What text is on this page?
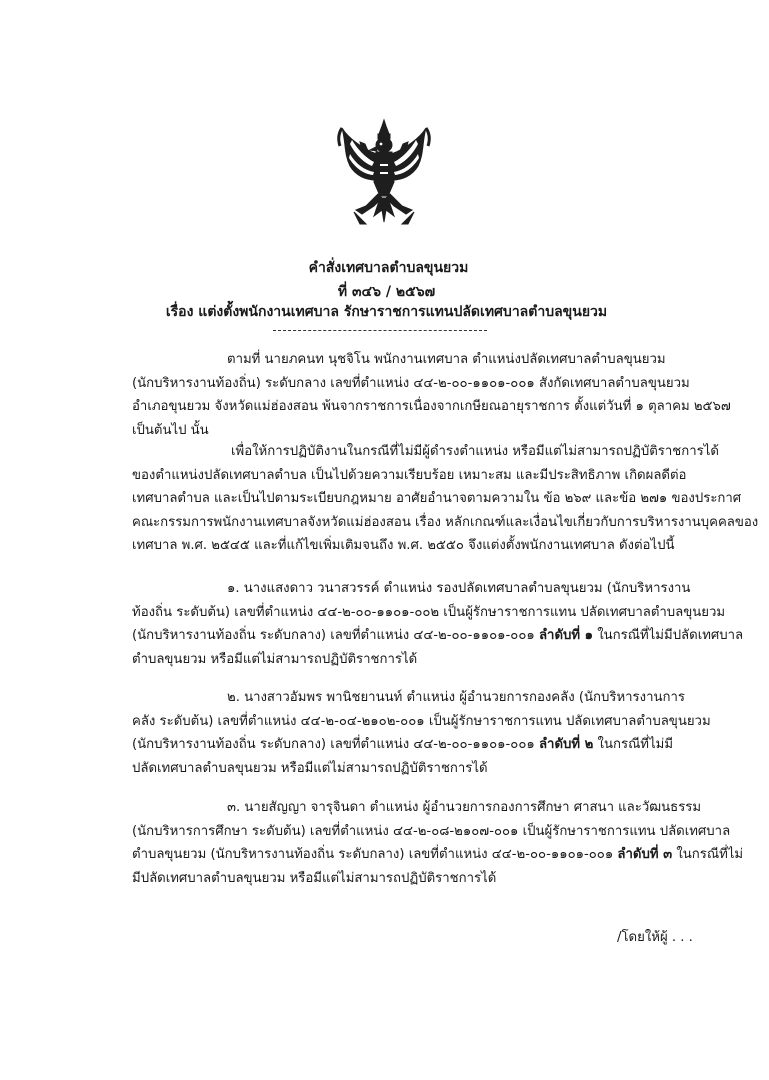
คำสั่งเทศบาลตำบลขุนยวม
ที่ ๓๔๖ / ๒๕๖๗
เรื่อง แต่งตั้งพนักงานเทศบาล รักษาราชการแทนปลัดเทศบาลตำบลขุนยวม
ตามที่ นายภคนท นุชจิโน พนักงานเทศบาล ตำแหน่งปลัดเทศบาลตำบลขุนยวม
(นักบริหารงานท้องถิ่น) ระดับกลาง เลขที่ตำแหน่ง ๔๔-๒-๐๐-๑๑๐๑-๐๐๑ สังกัดเทศบาลตำบลขุนยวม
อำเภอขุนยวม จังหวัดแม่ฮ่องสอน พ้นจากราชการเนื่องจากเกษียณอายุราชการ ตั้งแต่วันที่ ๑ ตุลาคม ๒๕๖๗
เป็นต้นไป นั้น
เพื่อให้การปฏิบัติงานในกรณีที่ไม่มีผู้ดำรงตำแหน่ง หรือมีแต่ไม่สามารถปฏิบัติราชการได้
ของตำแหน่งปลัดเทศบาลตำบล เป็นไปด้วยความเรียบร้อย เหมาะสม และมีประสิทธิภาพ เกิดผลดีต่อ
เทศบาลตำบล และเป็นไปตามระเบียบกฎหมาย อาศัยอำนาจตามความใน ข้อ ๒๖๙ และข้อ ๒๗๑ ของประกาศ
คณะกรรมการพนักงานเทศบาลจังหวัดแม่ฮ่องสอน เรื่อง หลักเกณฑ์และเงื่อนไขเกี่ยวกับการบริหารงานบุคคลของ
เทศบาล พ.ศ. ๒๕๔๕ และที่แก้ไขเพิ่มเติมจนถึง พ.ศ. ๒๕๕๐ จึงแต่งตั้งพนักงานเทศบาล ดังต่อไปนี้
๑. นางแสงดาว วนาสวรรค์ ตำแหน่ง รองปลัดเทศบาลตำบลขุนยวม (นักบริหารงาน
ท้องถิ่น ระดับต้น) เลขที่ตำแหน่ง ๔๔-๒-๐๐-๑๑๐๑-๐๐๒ เป็นผู้รักษาราชการแทน ปลัดเทศบาลตำบลขุนยวม
(นักบริหารงานท้องถิ่น ระดับกลาง) เลขที่ตำแหน่ง ๔๔-๒-๐๐-๑๑๐๑-๐๐๑ ลำดับที่ ๑ ในกรณีที่ไม่มีปลัดเทศบาล
ตำบลขุนยวม หรือมีแต่ไม่สามารถปฏิบัติราชการได้
๒. นางสาวอัมพร พานิชยานนท์ ตำแหน่ง ผู้อำนวยการกองคลัง (นักบริหารงานการ
คลัง ระดับต้น) เลขที่ตำแหน่ง ๔๔-๒-๐๔-๒๑๐๒-๐๐๑ เป็นผู้รักษาราชการแทน ปลัดเทศบาลตำบลขุนยวม
(นักบริหารงานท้องถิ่น ระดับกลาง) เลขที่ตำแหน่ง ๔๔-๒-๐๐-๑๑๐๑-๐๐๑ ลำดับที่ ๒ ในกรณีที่ไม่มี
ปลัดเทศบาลตำบลขุนยวม หรือมีแต่ไม่สามารถปฏิบัติราชการได้
๓. นายสัญญา จารุจินดา ตำแหน่ง ผู้อำนวยการกองการศึกษา ศาสนา และวัฒนธรรม
(นักบริหารการศึกษา ระดับต้น) เลขที่ตำแหน่ง ๔๔-๒-๐๘-๒๑๐๗-๐๐๑ เป็นผู้รักษาราชการแทน ปลัดเทศบาล
ตำบลขุนยวม (นักบริหารงานท้องถิ่น ระดับกลาง) เลขที่ตำแหน่ง ๔๔-๒-๐๐-๑๑๐๑-๐๐๑ ลำดับที่ ๓ ในกรณีที่ไม่
มีปลัดเทศบาลตำบลขุนยวม หรือมีแต่ไม่สามารถปฏิบัติราชการได้
/โดยให้ผู้ . . .
